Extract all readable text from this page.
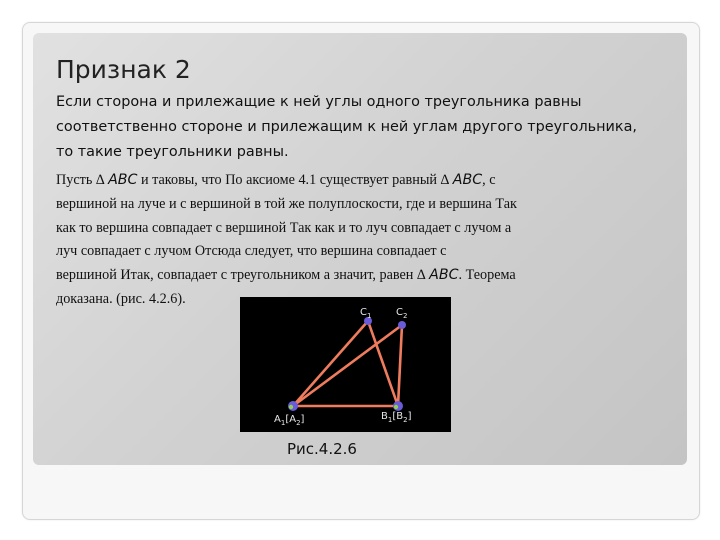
Признак 2
Если сторона и прилежащие к ней углы одного треугольника равны соответственно стороне и прилежащим к ней углам другого треугольника, то такие треугольники равны.
Пусть ∆ ABC и таковы, что По аксиоме 4.1 существует равный ∆ ABC, с
вершиной на луче и с вершиной в той же полуплоскости, где и вершина Так
как то вершина совпадает с вершиной Так как и то луч совпадает с лучом а
луч совпадает с лучом Отсюда следует, что вершина совпадает с
вершиной Итак, совпадает с треугольником а значит, равен ∆ ABC. Теорема
доказана. (рис. 4.2.6).
$C_1$ $C_2$
$A_1[A_2]$	$B_1[B_2]$
Рис.4.2.6
